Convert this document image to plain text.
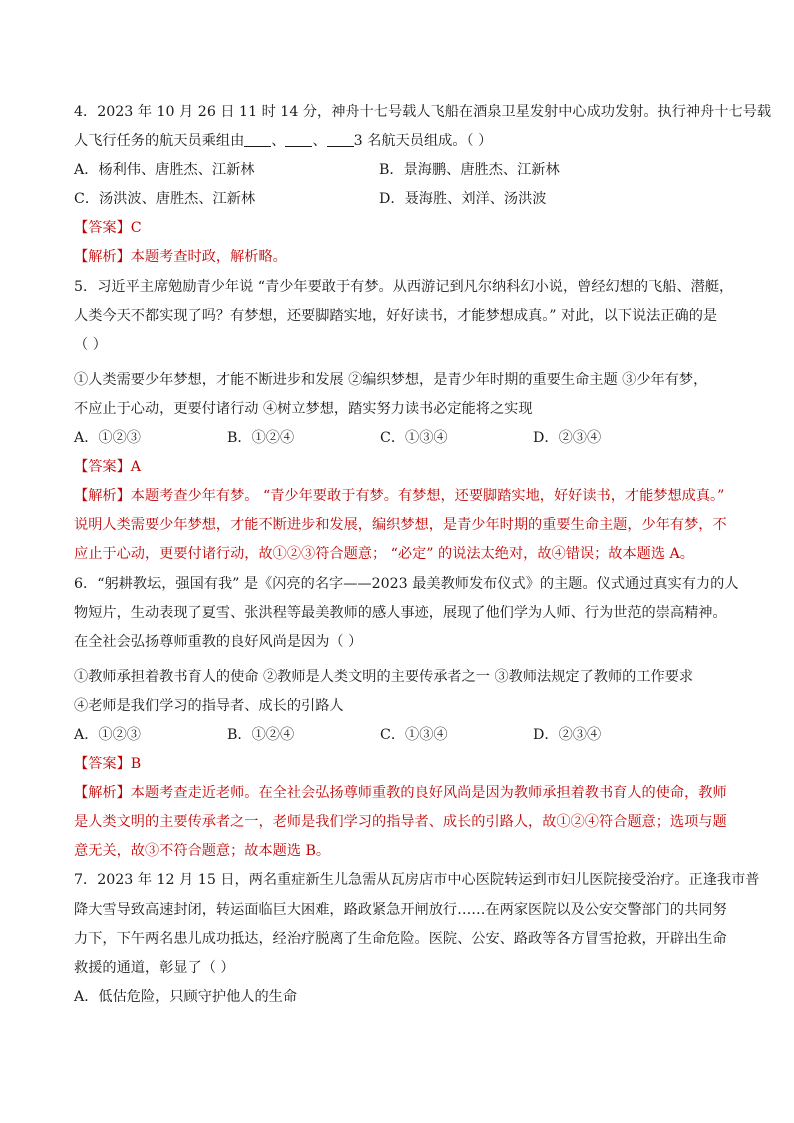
4．2023 年 10 月 26 日 11 时 14 分，神舟十七号载人飞船在酒泉卫星发射中心成功发射。执行神舟十七号载
人飞行任务的航天员乘组由 、 、 3 名航天员组成。（ ）
A．杨利伟、唐胜杰、江新林	B．景海鹏、唐胜杰、江新林
C．汤洪波、唐胜杰、江新林	D．聂海胜、刘洋、汤洪波
【答案】C
【解析】本题考查时政，解析略。
5．习近平主席勉励青少年说 “青少年要敢于有梦。从西游记到凡尔纳科幻小说，曾经幻想的飞船、潜艇，
人类今天不都实现了吗？有梦想，还要脚踏实地，好好读书，才能梦想成真。” 对此，以下说法正确的是
（ ）
①人类需要少年梦想，才能不断进步和发展 ②编织梦想，是青少年时期的重要生命主题 ③少年有梦，
不应止于心动，更要付诸行动 ④树立梦想，踏实努力读书必定能将之实现
A．①②③	B．①②④	C．①③④	D．②③④
【答案】A
【解析】本题考查少年有梦。 “青少年要敢于有梦。有梦想，还要脚踏实地，好好读书，才能梦想成真。”
说明人类需要少年梦想，才能不断进步和发展，编织梦想，是青少年时期的重要生命主题，少年有梦，不
应止于心动，更要付诸行动，故①②③符合题意； “必定” 的说法太绝对，故④错误；故本题选 A。
6．“躬耕教坛，强国有我” 是《闪亮的名字——2023 最美教师发布仪式》的主题。仪式通过真实有力的人
物短片，生动表现了夏雪、张洪程等最美教师的感人事迹，展现了他们学为人师、行为世范的崇高精神。
在全社会弘扬尊师重教的良好风尚是因为（ ）
①教师承担着教书育人的使命 ②教师是人类文明的主要传承者之一 ③教师法规定了教师的工作要求
④老师是我们学习的指导者、成长的引路人
A．①②③	B．①②④	C．①③④	D．②③④
【答案】B
【解析】本题考查走近老师。在全社会弘扬尊师重教的良好风尚是因为教师承担着教书育人的使命，教师
是人类文明的主要传承者之一，老师是我们学习的指导者、成长的引路人，故①②④符合题意；选项与题
意无关，故③不符合题意；故本题选 B。
7．2023 年 12 月 15 日，两名重症新生儿急需从瓦房店市中心医院转运到市妇儿医院接受治疗。正逢我市普
降大雪导致高速封闭，转运面临巨大困难，路政紧急开闸放行……在两家医院以及公安交警部门的共同努
力下，下午两名患儿成功抵达，经治疗脱离了生命危险。医院、公安、路政等各方冒雪抢救，开辟出生命
救援的通道，彰显了（ ）
A．低估危险，只顾守护他人的生命
